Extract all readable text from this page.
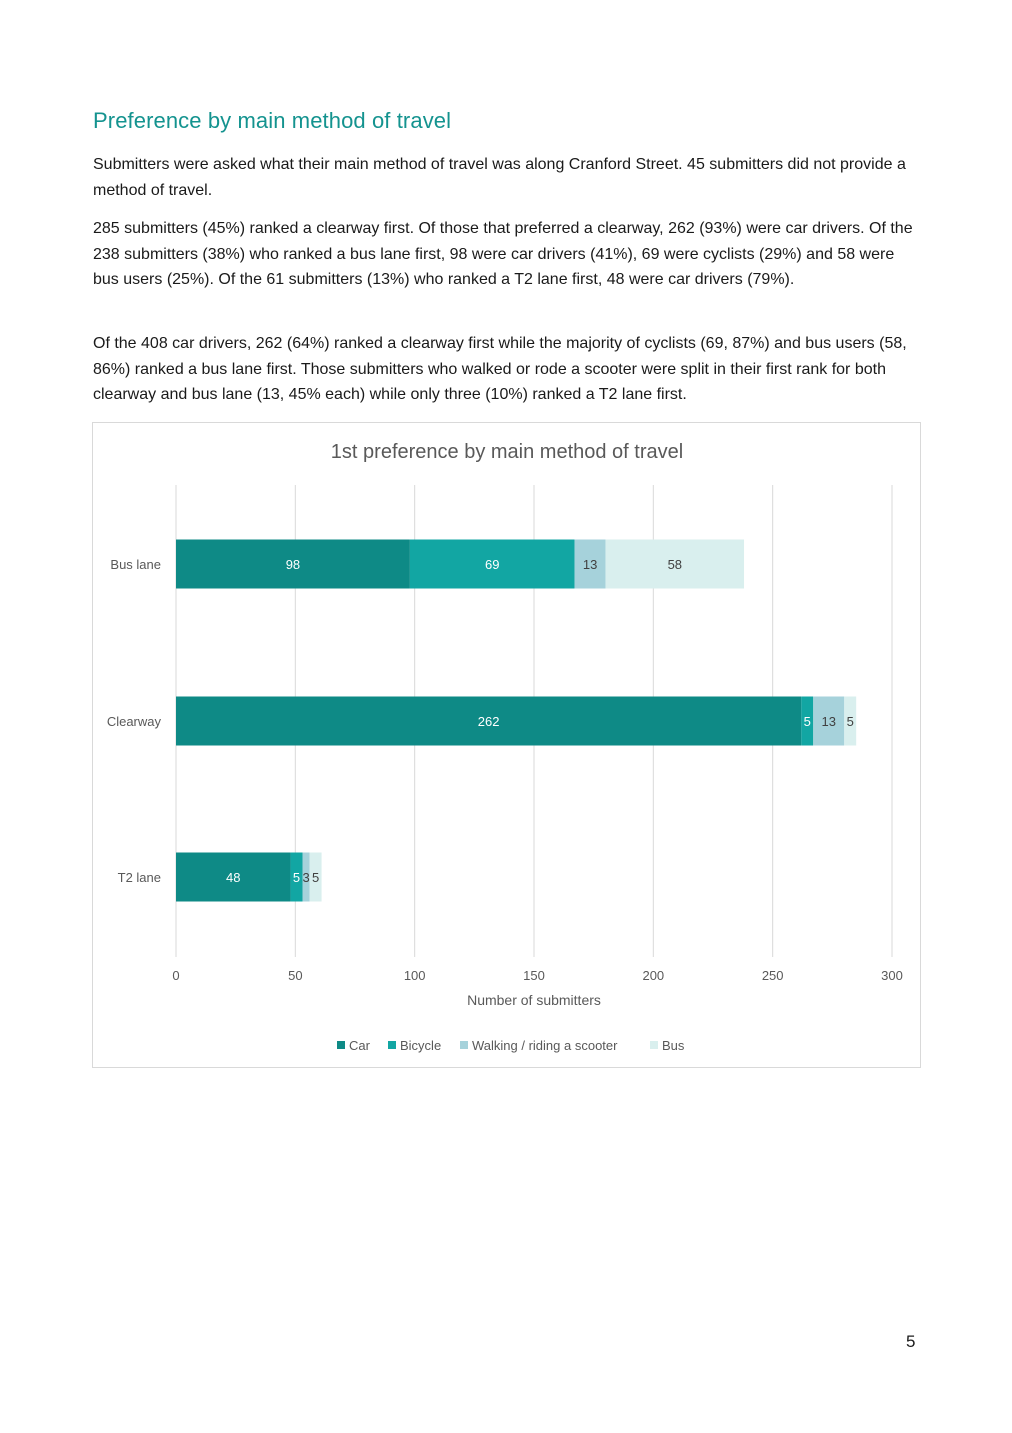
Preference by main method of travel

Submitters were asked what their main method of travel was along Cranford Street. 45 submitters did not provide a method of travel.

285 submitters (45%) ranked a clearway first. Of those that preferred a clearway, 262 (93%) were car drivers. Of the 238 submitters (38%) who ranked a bus lane first, 98 were car drivers (41%), 69 were cyclists (29%) and 58 were bus users (25%). Of the 61 submitters (13%) who ranked a T2 lane first, 48 were car drivers (79%).

Of the 408 car drivers, 262 (64%) ranked a clearway first while the majority of cyclists (69, 87%) and bus users (58, 86%) ranked a bus lane first. Those submitters who walked or rode a scooter were split in their first rank for both clearway and bus lane (13, 45% each) while only three (10%) ranked a T2 lane first.

1st preference by main method of travel
0	50	100	150	200	250	300
Number of submitters
Bus lane
Clearway
T2 lane
98	69	13	58
262	5 13 5
48	5 3 5
Car Bicycle Walking / riding a scooter	Bus
5
